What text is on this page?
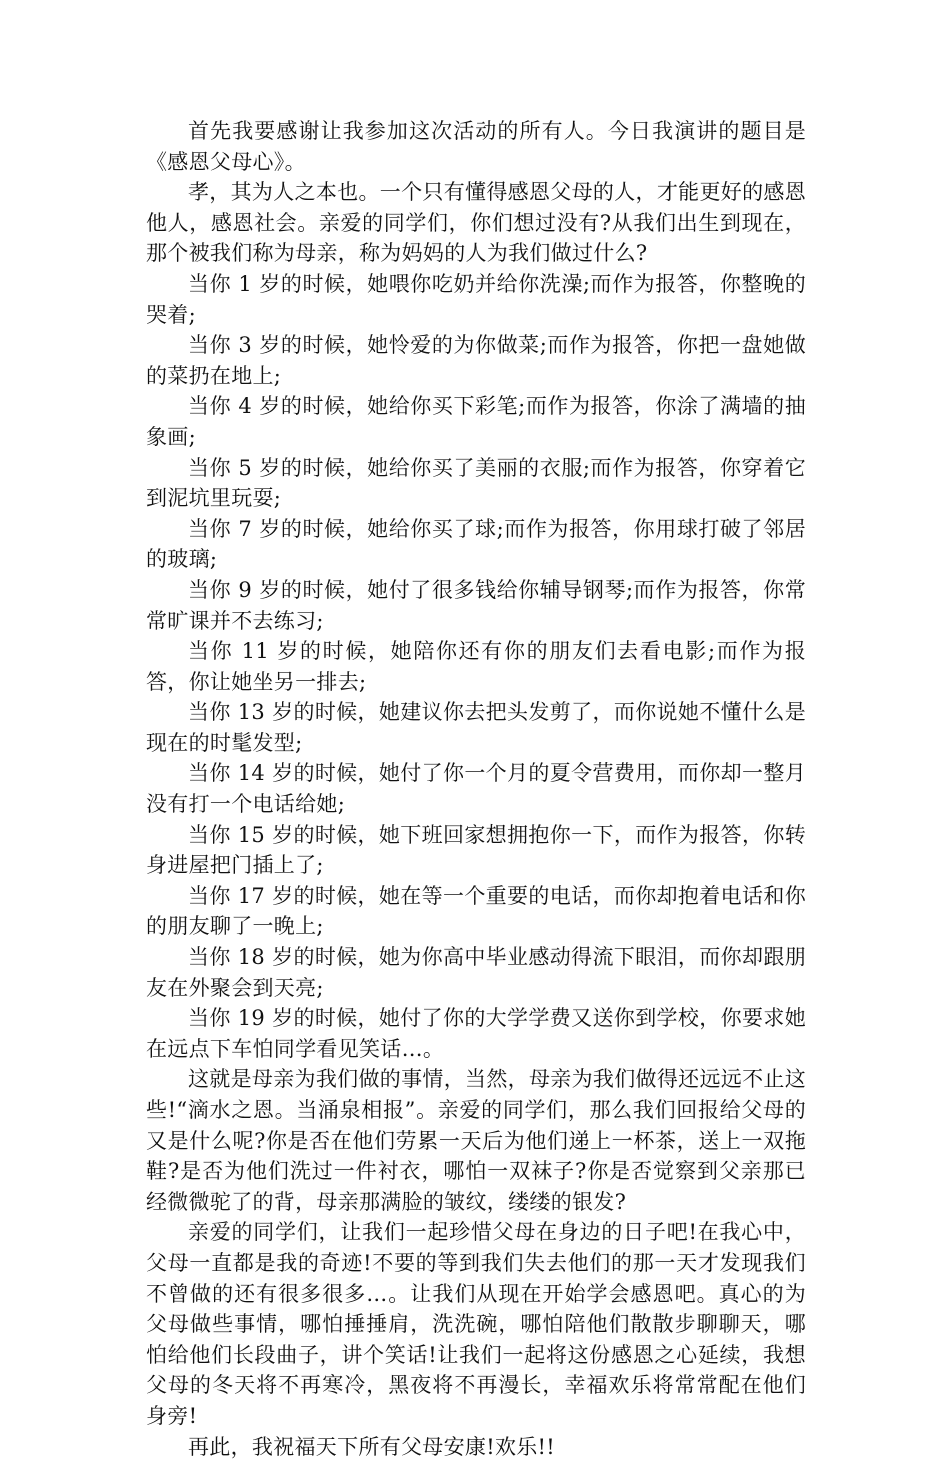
首先我要感谢让我参加这次活动的所有人。今日我演讲的题目是《感恩父母心》。

孝，其为人之本也。一个只有懂得感恩父母的人，才能更好的感恩他人，感恩社会。亲爱的同学们，你们想过没有?从我们出生到现在，那个被我们称为母亲，称为妈妈的人为我们做过什么?

当你 1 岁的时候，她喂你吃奶并给你洗澡;而作为报答，你整晚的哭着;

当你 3 岁的时候，她怜爱的为你做菜;而作为报答，你把一盘她做的菜扔在地上;

当你 4 岁的时候，她给你买下彩笔;而作为报答，你涂了满墙的抽象画;

当你 5 岁的时候，她给你买了美丽的衣服;而作为报答，你穿着它到泥坑里玩耍;

当你 7 岁的时候，她给你买了球;而作为报答，你用球打破了邻居的玻璃;

当你 9 岁的时候，她付了很多钱给你辅导钢琴;而作为报答，你常常旷课并不去练习;

当你 11 岁的时候，她陪你还有你的朋友们去看电影;而作为报答，你让她坐另一排去;

当你 13 岁的时候，她建议你去把头发剪了，而你说她不懂什么是现在的时髦发型;

当你 14 岁的时候，她付了你一个月的夏令营费用，而你却一整月没有打一个电话给她;

当你 15 岁的时候，她下班回家想拥抱你一下，而作为报答，你转身进屋把门插上了;

当你 17 岁的时候，她在等一个重要的电话，而你却抱着电话和你的朋友聊了一晚上;

当你 18 岁的时候，她为你高中毕业感动得流下眼泪，而你却跟朋友在外聚会到天亮;

当你 19 岁的时候，她付了你的大学学费又送你到学校，你要求她在远点下车怕同学看见笑话…。

这就是母亲为我们做的事情，当然，母亲为我们做得还远远不止这些!“滴水之恩。当涌泉相报”。亲爱的同学们，那么我们回报给父母的又是什么呢?你是否在他们劳累一天后为他们递上一杯茶，送上一双拖鞋?是否为他们洗过一件衬衣，哪怕一双袜子?你是否觉察到父亲那已经微微驼了的背，母亲那满脸的皱纹，缕缕的银发?

亲爱的同学们，让我们一起珍惜父母在身边的日子吧!在我心中，父母一直都是我的奇迹!不要的等到我们失去他们的那一天才发现我们不曾做的还有很多很多…。让我们从现在开始学会感恩吧。真心的为父母做些事情，哪怕捶捶肩，洗洗碗，哪怕陪他们散散步聊聊天，哪怕给他们长段曲子，讲个笑话!让我们一起将这份感恩之心延续，我想父母的冬天将不再寒冷，黑夜将不再漫长，幸福欢乐将常常配在他们身旁!

再此，我祝福天下所有父母安康!欢乐!!
